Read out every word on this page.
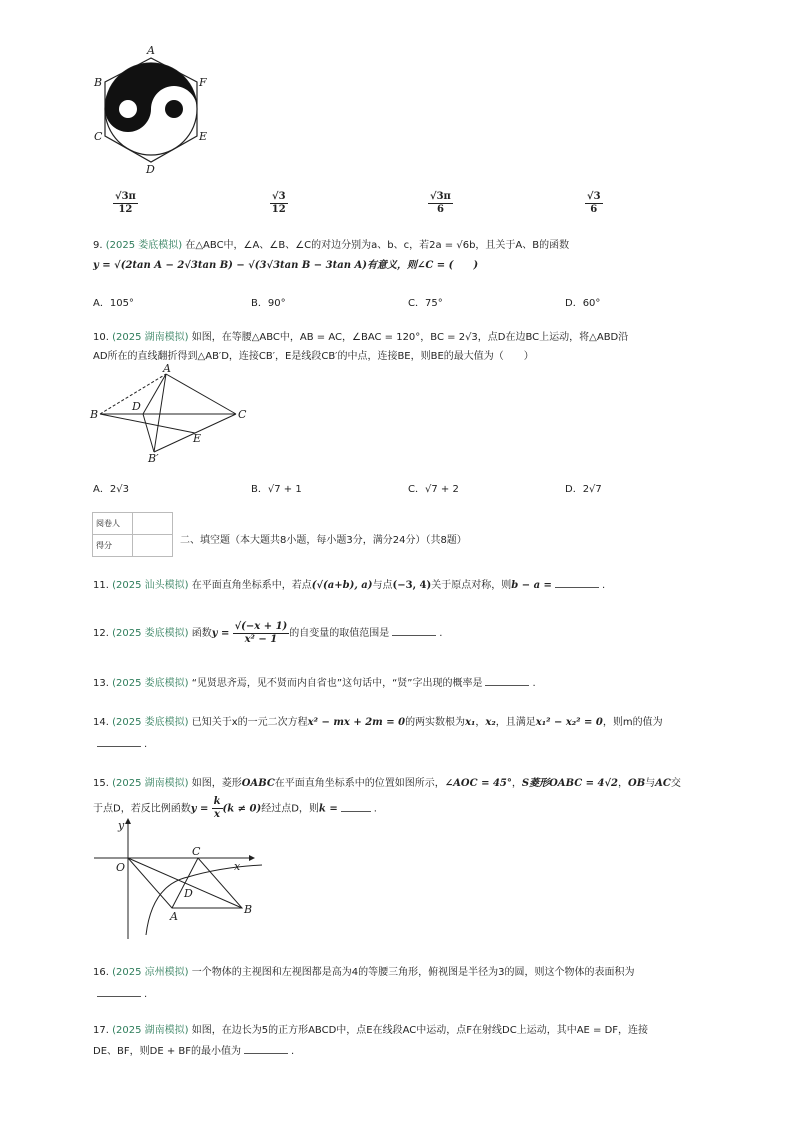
A
B
C
D
E
F
$\frac{√3\pi}{12}$	$\frac{√3}{12}$	$\frac{√3\pi}{6}$	$\frac{√3}{6}$
9. (2025 娄底模拟) 在△ABC中，∠A、∠B、∠C的对边分别为a、b、c，若2a = √6b，且关于A、B的函数
y = √(2tan A − 2√3tan B) − √(3√3tan B − 3tan A)有意义，则∠C = (　　)
A．105°	B．90°	C．75°	D．60°
10. (2025 湖南模拟) 如图，在等腰△ABC中，AB = AC，∠BAC = 120°，BC = 2√3，点D在边BC上运动，将△ABD沿
AD所在的直线翻折得到△AB′D，连接CB′，E是线段CB′的中点，连接BE，则BE的最大值为（　　）
A
D
B	C
E
B′
A．2√3	B．√7 + 1	C．√7 + 2	D．2√7
阅卷人	
得分		二、填空题（本大题共8小题，每小题3分，满分24分）（共8题）
11. (2025 汕头模拟) 在平面直角坐标系中，若点(√(a+b), a)与点(−3, 4)关于原点对称，则b − a =	.
12. (2025 娄底模拟) 函数$y = \frac{√(-x + 1)}{\text{x² − 1}}$ 的自变量的取值范围是	.
13. (2025 娄底模拟) “见贤思齐焉，见不贤而内自省也”这句话中，“贤”字出现的概率是	.
14. (2025 娄底模拟) 已知关于x的一元二次方程x² − mx + 2m = 0的两实数根为x₁，x₂，且满足x₁² − x₂² = 0，则m的值为
.
15. (2025 湖南模拟) 如图，菱形OABC在平面直角坐标系中的位置如图所示，∠AOC = 45°，S菱形OABC = 4√2，OB与AC交
于点D，若反比例函数$y = \frac{k}{x} (k \ne 0)$经过点D，则k =	.
y
C
O	x
D
A
B
16. (2025 凉州模拟) 一个物体的主视图和左视图都是高为4的等腰三角形，俯视图是半径为3的圆，则这个物体的表面积为
.
17. (2025 湖南模拟) 如图，在边长为5的正方形ABCD中，点E在线段AC中运动，点F在射线DC上运动，其中AE = DF，连接
DE、BF，则DE + BF的最小值为	.
